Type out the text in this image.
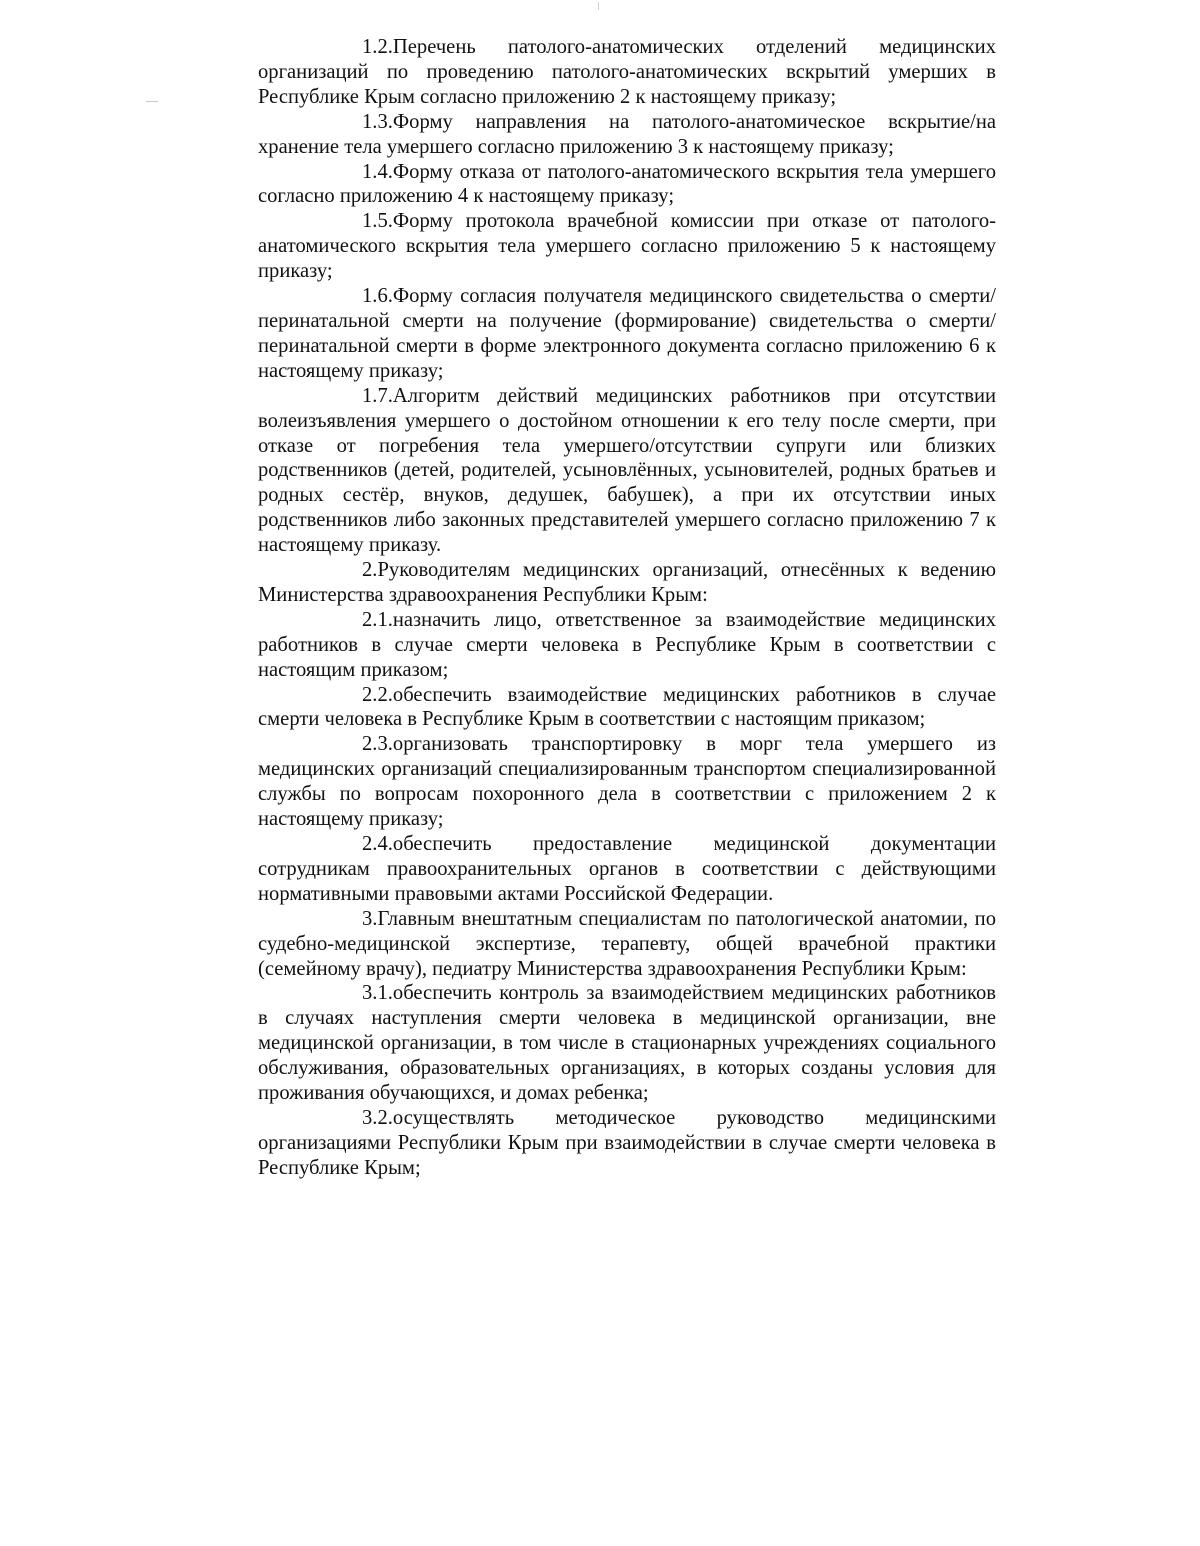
1.2.Перечень патолого-анатомических отделений медицинских организаций по проведению патолого-анатомических вскрытий умерших в Республике Крым согласно приложению 2 к настоящему приказу;

1.3.Форму направления на патолого-анатомическое вскрытие/на хранение тела умершего согласно приложению 3 к настоящему приказу;

1.4.Форму отказа от патолого-анатомического вскрытия тела умершего согласно приложению 4 к настоящему приказу;

1.5.Форму протокола врачебной комиссии при отказе от патолого-анатомического вскрытия тела умершего согласно приложению 5 к настоящему приказу;

1.6.Форму согласия получателя медицинского свидетельства о смерти/перинатальной смерти на получение (формирование) свидетельства о смерти/перинатальной смерти в форме электронного документа согласно приложению 6 к настоящему приказу;

1.7.Алгоритм действий медицинских работников при отсутствии волеизъявления умершего о достойном отношении к его телу после смерти, при отказе от погребения тела умершего/отсутствии супруги или близких родственников (детей, родителей, усыновлённых, усыновителей, родных братьев и родных сестёр, внуков, дедушек, бабушек), а при их отсутствии иных родственников либо законных представителей умершего согласно приложению 7 к настоящему приказу.

2.Руководителям медицинских организаций, отнесённых к ведению Министерства здравоохранения Республики Крым:

2.1.назначить лицо, ответственное за взаимодействие медицинских работников в случае смерти человека в Республике Крым в соответствии с настоящим приказом;

2.2.обеспечить взаимодействие медицинских работников в случае смерти человека в Республике Крым в соответствии с настоящим приказом;

2.3.организовать транспортировку в морг тела умершего из медицинских организаций специализированным транспортом специализированной службы по вопросам похоронного дела в соответствии с приложением 2 к настоящему приказу;

2.4.обеспечить предоставление медицинской документации сотрудникам правоохранительных органов в соответствии с действующими нормативными правовыми актами Российской Федерации.

3.Главным внештатным специалистам по патологической анатомии, по судебно-медицинской экспертизе, терапевту, общей врачебной практики (семейному врачу), педиатру Министерства здравоохранения Республики Крым:

3.1.обеспечить контроль за взаимодействием медицинских работников в случаях наступления смерти человека в медицинской организации, вне медицинской организации, в том числе в стационарных учреждениях социального обслуживания, образовательных организациях, в которых созданы условия для проживания обучающихся, и домах ребенка;

3.2.осуществлять методическое руководство медицинскими организациями Республики Крым при взаимодействии в случае смерти человека в Республике Крым;
